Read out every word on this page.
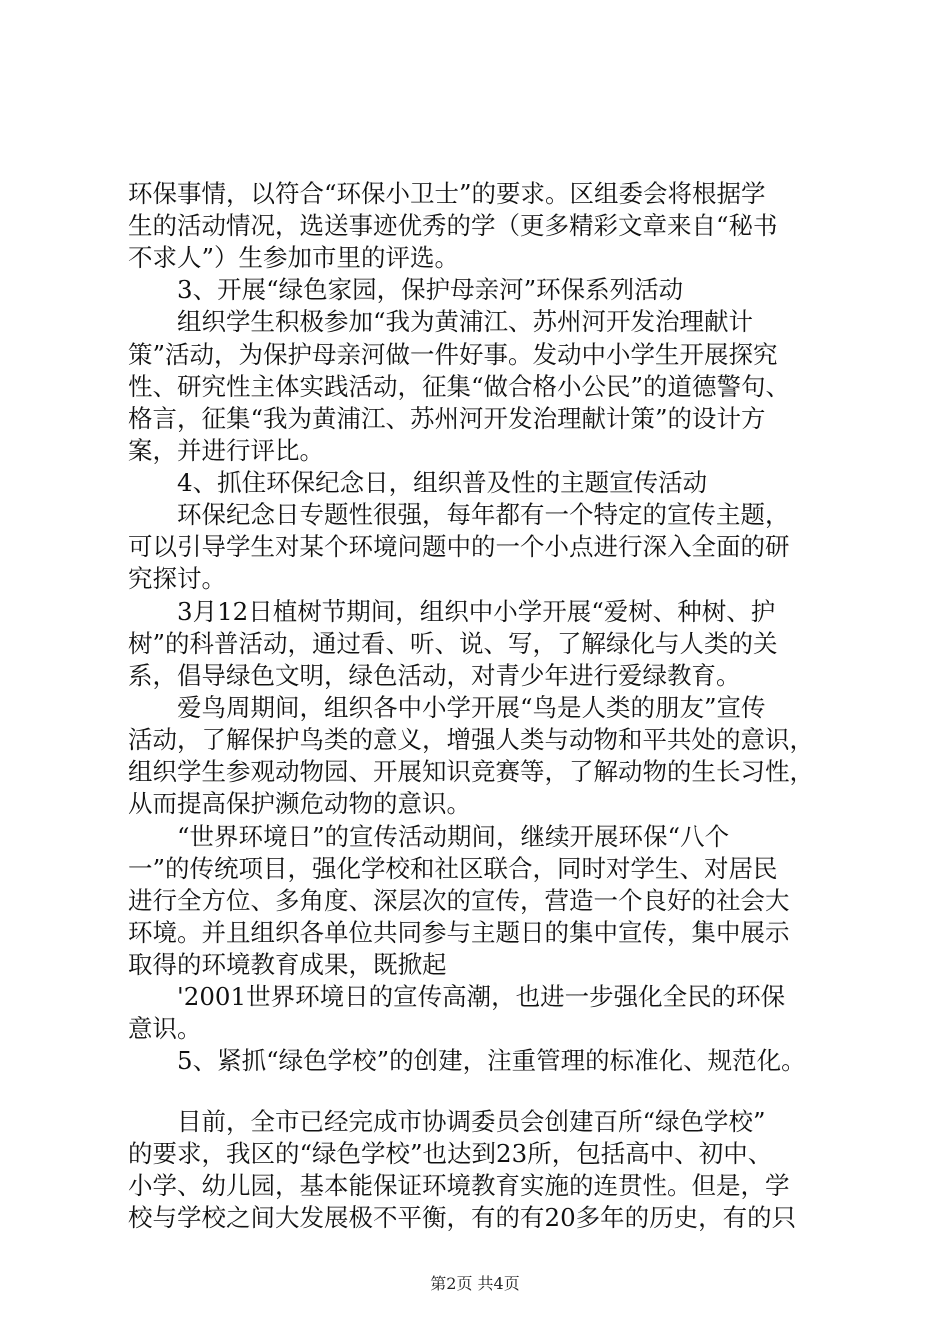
环保事情，以符合“环保小卫士”的要求。区组委会将根据学
生的活动情况，选送事迹优秀的学（更多精彩文章来自“秘书
不求人”）生参加市里的评选。
　　3、开展“绿色家园，保护母亲河”环保系列活动
　　组织学生积极参加“我为黄浦江、苏州河开发治理献计
策”活动，为保护母亲河做一件好事。发动中小学生开展探究
性、研究性主体实践活动，征集“做合格小公民”的道德警句、
格言，征集“我为黄浦江、苏州河开发治理献计策”的设计方
案，并进行评比。
　　4、抓住环保纪念日，组织普及性的主题宣传活动
　　环保纪念日专题性很强，每年都有一个特定的宣传主题，
可以引导学生对某个环境问题中的一个小点进行深入全面的研
究探讨。
　　3月12日植树节期间，组织中小学开展“爱树、种树、护
树”的科普活动，通过看、听、说、写，了解绿化与人类的关
系，倡导绿色文明，绿色活动，对青少年进行爱绿教育。
　　爱鸟周期间，组织各中小学开展“鸟是人类的朋友”宣传
活动，了解保护鸟类的意义，增强人类与动物和平共处的意识，
组织学生参观动物园、开展知识竞赛等，了解动物的生长习性，
从而提高保护濒危动物的意识。
　　“世界环境日”的宣传活动期间，继续开展环保“八个
一”的传统项目，强化学校和社区联合，同时对学生、对居民
进行全方位、多角度、深层次的宣传，营造一个良好的社会大
环境。并且组织各单位共同参与主题日的集中宣传，集中展示
取得的环境教育成果，既掀起
　　'2001世界环境日的宣传高潮，也进一步强化全民的环保
意识。
　　5、紧抓“绿色学校”的创建，注重管理的标准化、规范化。
　　目前，全市已经完成市协调委员会创建百所“绿色学校”
的要求，我区的“绿色学校”也达到23所，包括高中、初中、
小学、幼儿园，基本能保证环境教育实施的连贯性。但是，学
校与学校之间大发展极不平衡，有的有20多年的历史，有的只
第2页 共4页
